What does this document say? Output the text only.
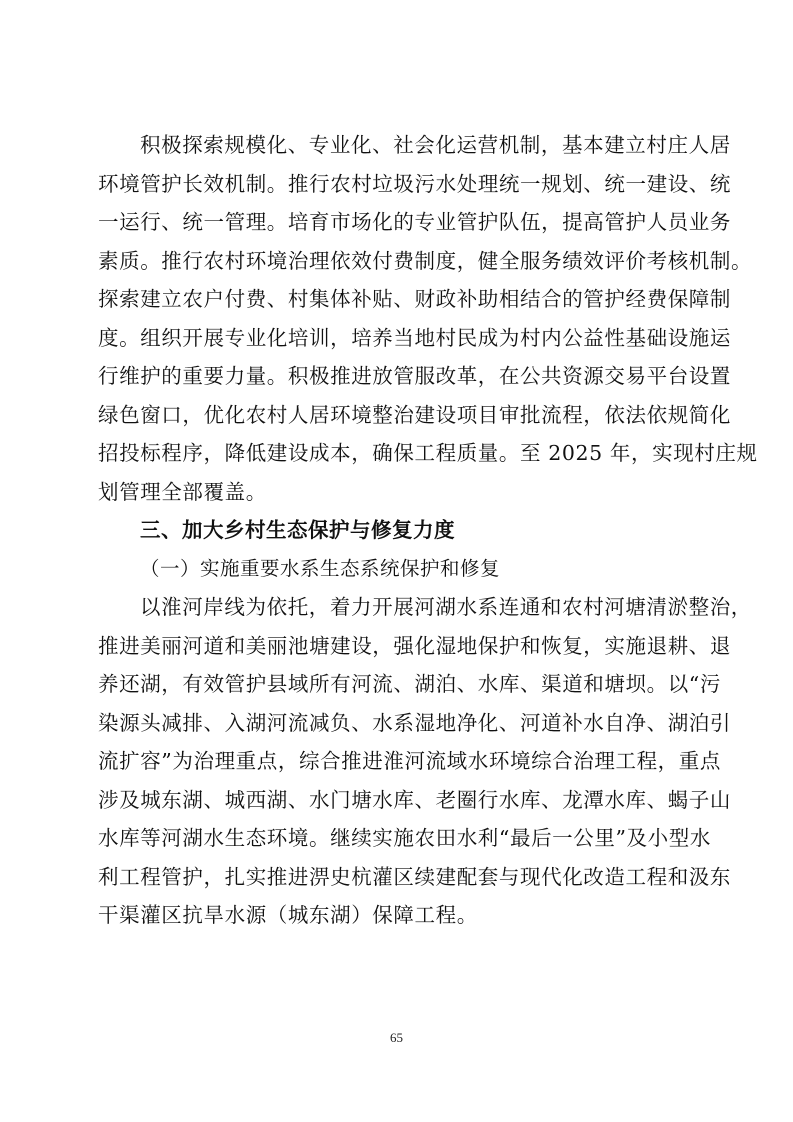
积极探索规模化、专业化、社会化运营机制，基本建立村庄人居
环境管护长效机制。推行农村垃圾污水处理统一规划、统一建设、统
一运行、统一管理。培育市场化的专业管护队伍，提高管护人员业务
素质。推行农村环境治理依效付费制度，健全服务绩效评价考核机制。
探索建立农户付费、村集体补贴、财政补助相结合的管护经费保障制
度。组织开展专业化培训，培养当地村民成为村内公益性基础设施运
行维护的重要力量。积极推进放管服改革，在公共资源交易平台设置
绿色窗口，优化农村人居环境整治建设项目审批流程，依法依规简化
招投标程序，降低建设成本，确保工程质量。至 2025 年，实现村庄规
划管理全部覆盖。
三、加大乡村生态保护与修复力度
（一）实施重要水系生态系统保护和修复
以淮河岸线为依托，着力开展河湖水系连通和农村河塘清淤整治，
推进美丽河道和美丽池塘建设，强化湿地保护和恢复，实施退耕、退
养还湖，有效管护县域所有河流、湖泊、水库、渠道和塘坝。以“污
染源头减排、入湖河流减负、水系湿地净化、河道补水自净、湖泊引
流扩容”为治理重点，综合推进淮河流域水环境综合治理工程，重点
涉及城东湖、城西湖、水门塘水库、老圈行水库、龙潭水库、蝎子山
水库等河湖水生态环境。继续实施农田水利“最后一公里”及小型水
利工程管护，扎实推进淠史杭灌区续建配套与现代化改造工程和汲东
干渠灌区抗旱水源（城东湖）保障工程。
65
